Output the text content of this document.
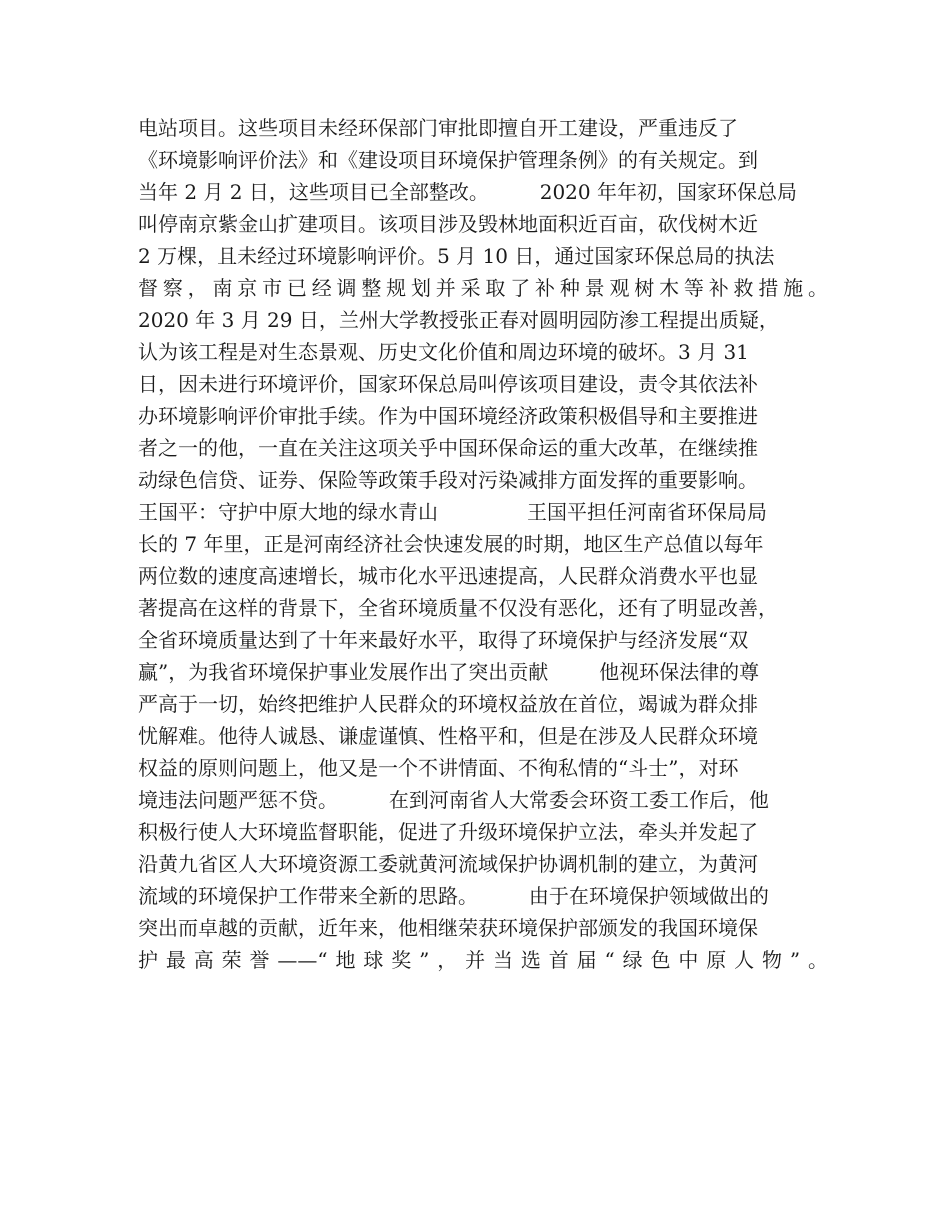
电站项目。这些项目未经环保部门审批即擅自开工建设，严重违反了
《环境影响评价法》和《建设项目环境保护管理条例》的有关规定。到
当年 2 月 2 日，这些项目已全部整改。        2020 年年初，国家环保总局
叫停南京紫金山扩建项目。该项目涉及毁林地面积近百亩，砍伐树木近
2 万棵，且未经过环境影响评价。5 月 10 日，通过国家环保总局的执法
督察，南京市已经调整规划并采取了补种景观树木等补救措施。
2020 年 3 月 29 日，兰州大学教授张正春对圆明园防渗工程提出质疑，
认为该工程是对生态景观、历史文化价值和周边环境的破坏。3 月 31
日，因未进行环境评价，国家环保总局叫停该项目建设，责令其依法补
办环境影响评价审批手续。作为中国环境经济政策积极倡导和主要推进
者之一的他，一直在关注这项关乎中国环保命运的重大改革，在继续推
动绿色信贷、证券、保险等政策手段对污染减排方面发挥的重要影响。
王国平：守护中原大地的绿水青山              王国平担任河南省环保局局
长的 7 年里，正是河南经济社会快速发展的时期，地区生产总值以每年
两位数的速度高速增长，城市化水平迅速提高，人民群众消费水平也显
著提高在这样的背景下，全省环境质量不仅没有恶化，还有了明显改善，
全省环境质量达到了十年来最好水平，取得了环境保护与经济发展“双
赢”，为我省环境保护事业发展作出了突出贡献        他视环保法律的尊
严高于一切，始终把维护人民群众的环境权益放在首位，竭诚为群众排
忧解难。他待人诚恳、谦虚谨慎、性格平和，但是在涉及人民群众环境
权益的原则问题上，他又是一个不讲情面、不徇私情的“斗士”，对环
境违法问题严惩不贷。        在到河南省人大常委会环资工委工作后，他
积极行使人大环境监督职能，促进了升级环境保护立法，牵头并发起了
沿黄九省区人大环境资源工委就黄河流域保护协调机制的建立，为黄河
流域的环境保护工作带来全新的思路。        由于在环境保护领域做出的
突出而卓越的贡献，近年来，他相继荣获环境保护部颁发的我国环境保
护最高荣誉——“地球奖”，并当选首届“绿色中原人物”。
